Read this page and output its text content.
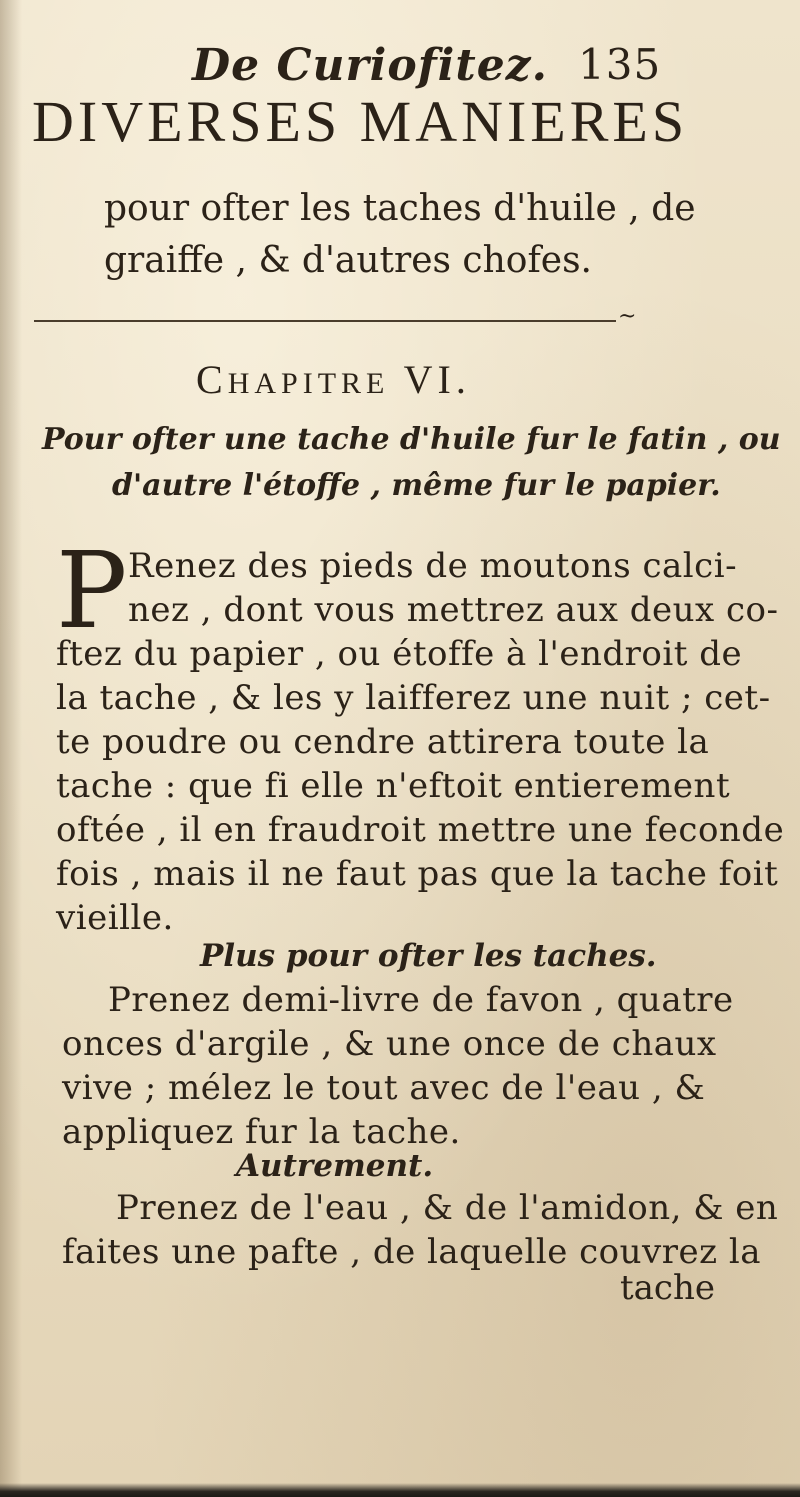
De Curiofitez. 135

DIVERSES MANIERES

pour ofter les taches d'huile , de

graiffe , & d'autres chofes.

~

CHAPITRE VI.

Pour ofter une tache d'huile fur le fatin , ou

d'autre l'étoffe , même fur le papier.

P Renez des pieds de moutons calci-

nez , dont vous mettrez aux deux co-

ftez du papier , ou étoffe à l'endroit de

la tache , & les y laifferez une nuit ; cet-

te poudre ou cendre attirera toute la

tache : que fi elle n'eftoit entierement

oftée , il en fraudroit mettre une feconde

fois , mais il ne faut pas que la tache foit

vieille.

Plus pour ofter les taches.

Prenez demi-livre de favon , quatre

onces d'argile , & une once de chaux

vive ; mélez le tout avec de l'eau , &

appliquez fur la tache.

Autrement.

Prenez de l'eau , & de l'amidon, & en

faites une pafte , de laquelle couvrez la

tache
